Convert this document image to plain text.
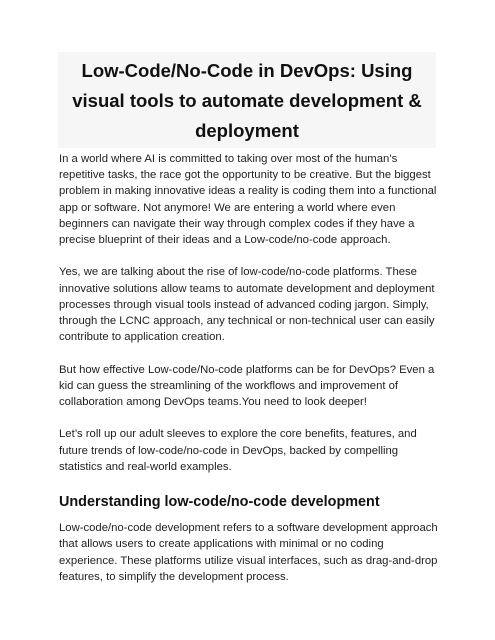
Low-Code/No-Code in DevOps: Using visual tools to automate development & deployment

In a world where AI is committed to taking over most of the human’s repetitive tasks, the race got the opportunity to be creative. But the biggest problem in making innovative ideas a reality is coding them into a functional app or software. Not anymore! We are entering a world where even beginners can navigate their way through complex codes if they have a precise blueprint of their ideas and a Low-code/no-code approach.

Yes, we are talking about the rise of low-code/no-code platforms. These innovative solutions allow teams to automate development and deployment processes through visual tools instead of advanced coding jargon. Simply, through the LCNC approach, any technical or non-technical user can easily contribute to application creation.

But how effective Low-code/No-code platforms can be for DevOps? Even a kid can guess the streamlining of the workflows and improvement of collaboration among DevOps teams.You need to look deeper!

Let’s roll up our adult sleeves to explore the core benefits, features, and future trends of low-code/no-code in DevOps, backed by compelling statistics and real-world examples.

Understanding low-code/no-code development

Low-code/no-code development refers to a software development approach that allows users to create applications with minimal or no coding experience. These platforms utilize visual interfaces, such as drag-and-drop features, to simplify the development process.
